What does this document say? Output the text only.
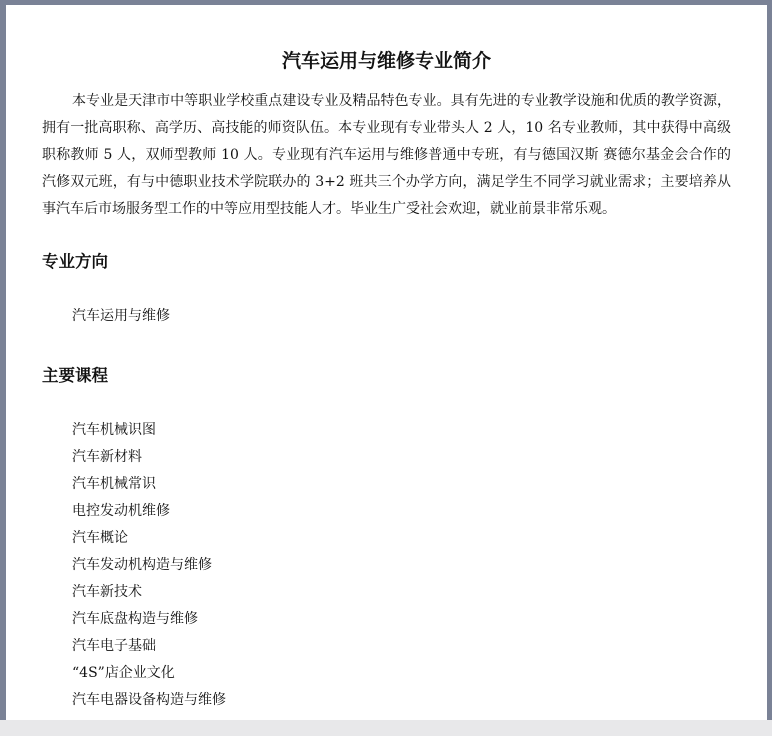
汽车运用与维修专业简介

本专业是天津市中等职业学校重点建设专业及精品特色专业。具有先进的专业教学设施和优质的教学资源，拥有一批高职称、高学历、高技能的师资队伍。本专业现有专业带头人 2 人，10 名专业教师，其中获得中高级职称教师 5 人，双师型教师 10 人。专业现有汽车运用与维修普通中专班，有与德国汉斯 赛德尔基金会合作的汽修双元班，有与中德职业技术学院联办的 3+2 班共三个办学方向，满足学生不同学习就业需求；主要培养从事汽车后市场服务型工作的中等应用型技能人才。毕业生广受社会欢迎，就业前景非常乐观。

专业方向

汽车运用与维修

主要课程
汽车机械识图
汽车新材料
汽车机械常识
电控发动机维修
汽车概论
汽车发动机构造与维修
汽车新技术
汽车底盘构造与维修
汽车电子基础
“4S”店企业文化
汽车电器设备构造与维修
